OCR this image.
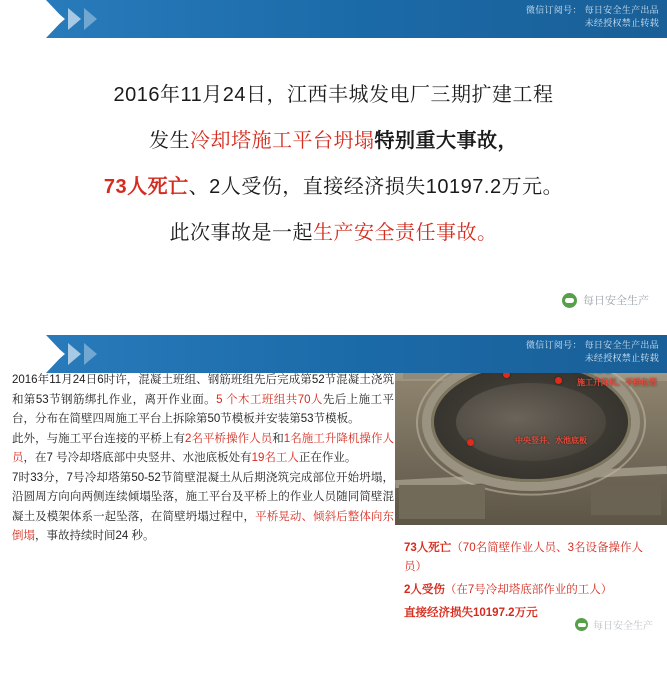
微信订阅号： 每日安全生产出品
未经授权禁止转载
2016年11月24日，江西丰城发电厂三期扩建工程
发生冷却塔施工平台坍塌特别重大事故，
73人死亡、2人受伤，直接经济损失10197.2万元。
此次事故是一起生产安全责任事故。
每日安全生产
施工升降机、平桥位置
中央竖井、水池底板
微信订阅号： 每日安全生产出品
未经授权禁止转载

2016年11月24日6时许，混凝土班组、钢筋班组先后完成第52节混凝土浇筑和第53节钢筋绑扎作业，离开作业面。5 个木工班组共70人先后上施工平台，分布在简壁四周施工平台上拆除第50节模板并安装第53节模板。

此外，与施工平台连接的平桥上有2名平桥操作人员和1名施工升降机操作人员，在7 号冷却塔底部中央竖井、水池底板处有19名工人正在作业。

7时33分，7号冷却塔第50-52节简壁混凝土从后期浇筑完成部位开始坍塌，沿圆周方向向两侧连续倾塌坠落，施工平台及平桥上的作业人员随同简壁混凝土及模架体系一起坠落，在简壁坍塌过程中，平桥晃动、倾斜后整体向东倒塌，事故持续时间24 秒。

73人死亡（70名简壁作业人员、3名设备操作人员）
2人受伤（在7号冷却塔底部作业的工人）
直接经济损失10197.2万元
每日安全生产
